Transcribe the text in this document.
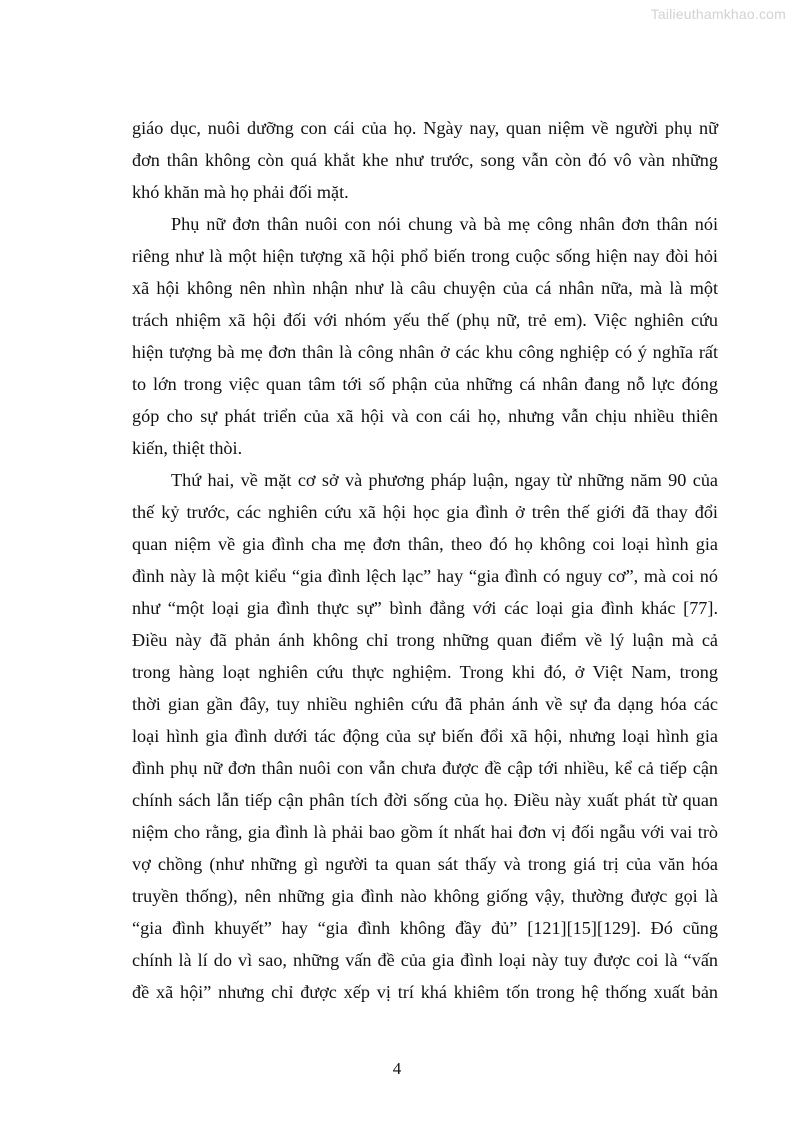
Tailieuthamkhao.com
giáo dục, nuôi dưỡng con cái của họ. Ngày nay, quan niệm về người phụ nữ
đơn thân không còn quá khắt khe như trước, song vẫn còn đó vô vàn những
khó khăn mà họ phải đối mặt.
Phụ nữ đơn thân nuôi con nói chung và bà mẹ công nhân đơn thân nói
riêng như là một hiện tượng xã hội phổ biến trong cuộc sống hiện nay đòi hỏi
xã hội không nên nhìn nhận như là câu chuyện của cá nhân nữa, mà là một
trách nhiệm xã hội đối với nhóm yếu thế (phụ nữ, trẻ em). Việc nghiên cứu
hiện tượng bà mẹ đơn thân là công nhân ở các khu công nghiệp có ý nghĩa rất
to lớn trong việc quan tâm tới số phận của những cá nhân đang nỗ lực đóng
góp cho sự phát triển của xã hội và con cái họ, nhưng vẫn chịu nhiều thiên
kiến, thiệt thòi.
Thứ hai, về mặt cơ sở và phương pháp luận, ngay từ những năm 90 của
thế kỷ trước, các nghiên cứu xã hội học gia đình ở trên thế giới đã thay đổi
quan niệm về gia đình cha mẹ đơn thân, theo đó họ không coi loại hình gia
đình này là một kiểu “gia đình lệch lạc” hay “gia đình có nguy cơ”, mà coi nó
như “một loại gia đình thực sự” bình đẳng với các loại gia đình khác [77].
Điều này đã phản ánh không chỉ trong những quan điểm về lý luận mà cả
trong hàng loạt nghiên cứu thực nghiệm. Trong khi đó, ở Việt Nam, trong
thời gian gần đây, tuy nhiều nghiên cứu đã phản ánh về sự đa dạng hóa các
loại hình gia đình dưới tác động của sự biến đổi xã hội, nhưng loại hình gia
đình phụ nữ đơn thân nuôi con vẫn chưa được đề cập tới nhiều, kể cả tiếp cận
chính sách lẫn tiếp cận phân tích đời sống của họ. Điều này xuất phát từ quan
niệm cho rằng, gia đình là phải bao gồm ít nhất hai đơn vị đối ngẫu với vai trò
vợ chồng (như những gì người ta quan sát thấy và trong giá trị của văn hóa
truyền thống), nên những gia đình nào không giống vậy, thường được gọi là
“gia đình khuyết” hay “gia đình không đầy đủ” [121][15][129]. Đó cũng
chính là lí do vì sao, những vấn đề của gia đình loại này tuy được coi là “vấn
đề xã hội” nhưng chỉ được xếp vị trí khá khiêm tốn trong hệ thống xuất bản
4
